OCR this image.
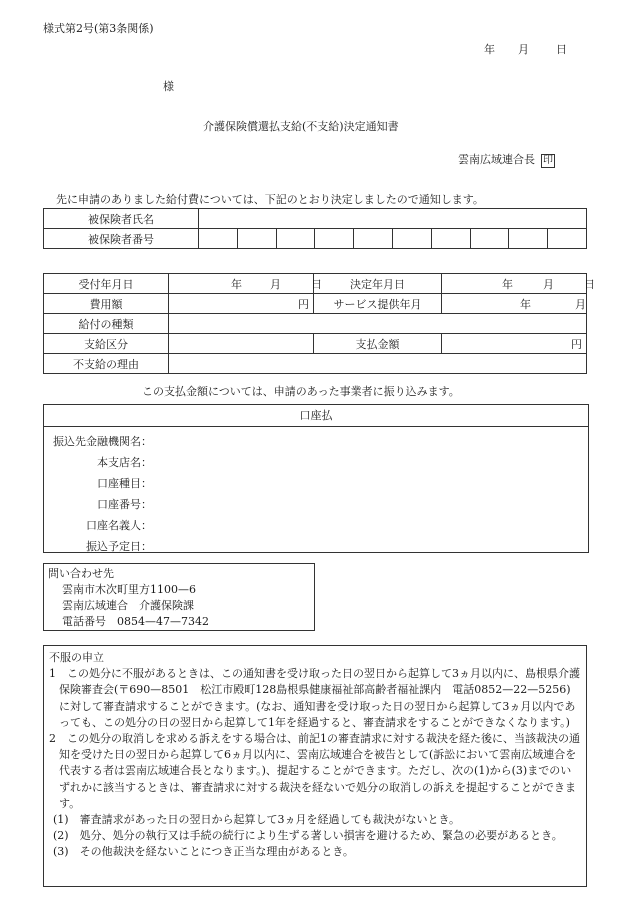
様式第2号(第3条関係)
年 月 日
様
介護保険償還払支給(不支給)決定通知書
雲南広域連合長 印
先に申請のありました給付費については、下記のとおり決定しましたので通知します。
被保険者氏名										
被保険者番号										
受付年月日	年 月 日	決定年月日	年 月 日
費用額	円	サービス提供年月	年 月
給付の種類			
支給区分		支払金額	円
不支給の理由			
この支払金額については、申請のあった事業者に振り込みます。
口座払
振込先金融機関名：
本支店名：
口座種目：
口座番号：
口座名義人：
振込予定日：
問い合わせ先
雲南市木次町里方1100—6
雲南広域連合　介護保険課
電話番号　0854—47—7342

不服の申立

1　この処分に不服があるときは、この通知書を受け取った日の翌日から起算して3ヵ月以内に、島根県介護保険審査会(〒690—8501　松江市殿町128島根県健康福祉部高齢者福祉課内　電話0852—22—5256)に対して審査請求することができます。(なお、通知書を受け取った日の翌日から起算して3ヵ月以内であっても、この処分の日の翌日から起算して1年を経過すると、審査請求をすることができなくなります。)

2　この処分の取消しを求める訴えをする場合は、前記1の審査請求に対する裁決を経た後に、当該裁決の通知を受けた日の翌日から起算して6ヵ月以内に、雲南広域連合を被告として(訴訟において雲南広域連合を代表する者は雲南広域連合長となります。)、提起することができます。ただし、次の(1)から(3)までのいずれかに該当するときは、審査請求に対する裁決を経ないで処分の取消しの訴えを提起することができます。

(1)　審査請求があった日の翌日から起算して3ヵ月を経過しても裁決がないとき。

(2)　処分、処分の執行又は手続の続行により生ずる著しい損害を避けるため、緊急の必要があるとき。

(3)　その他裁決を経ないことにつき正当な理由があるとき。
